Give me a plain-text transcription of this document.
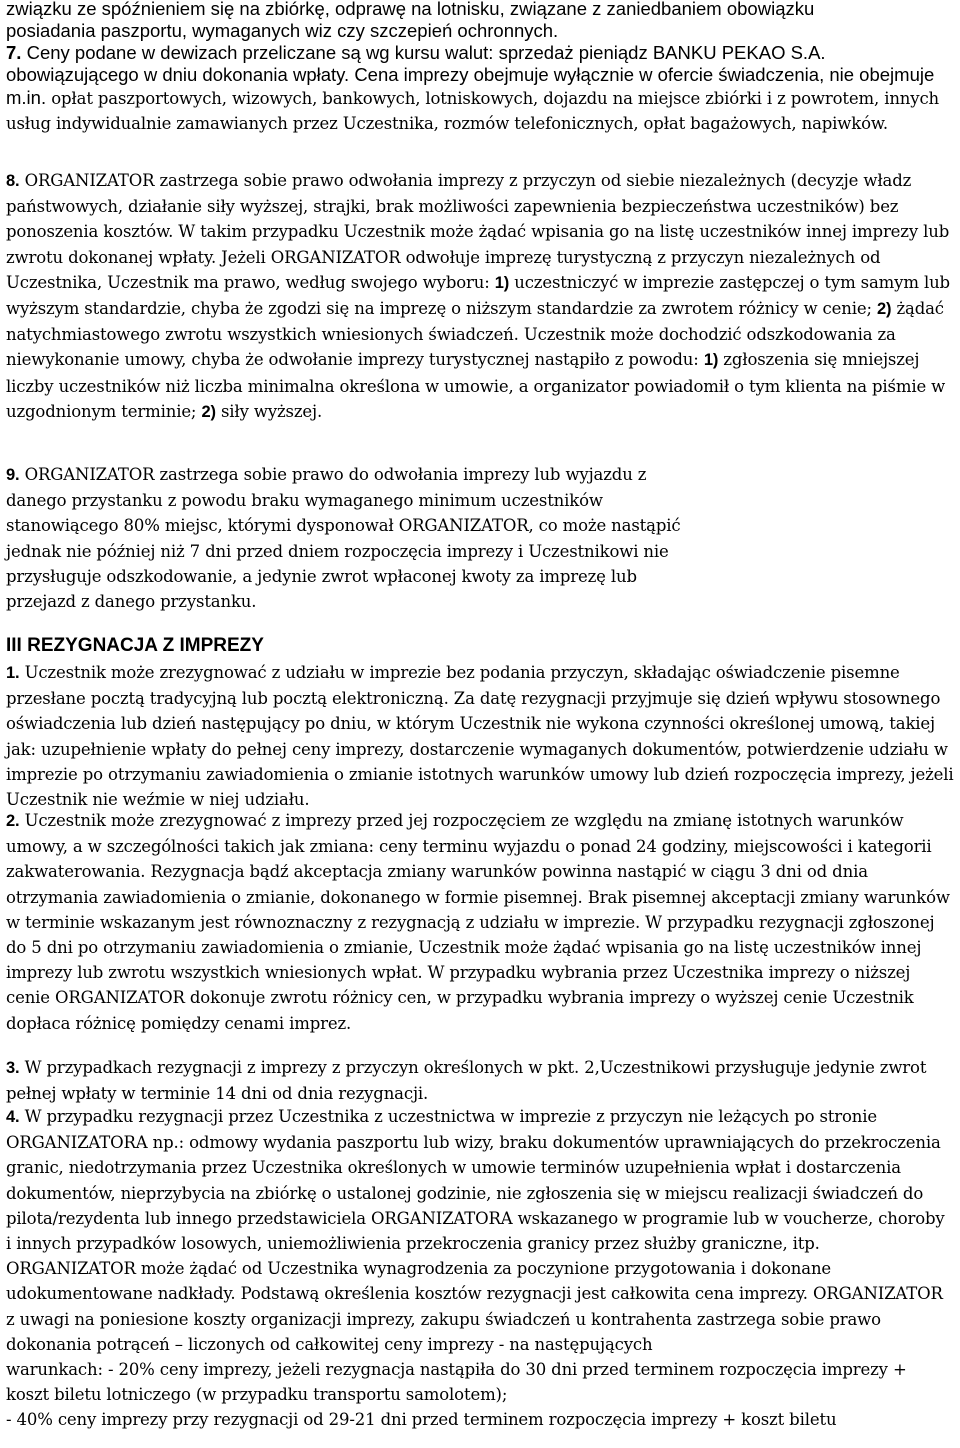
związku ze spóźnieniem się na zbiórkę, odprawę na lotnisku, związane z zaniedbaniem obowiązku
posiadania paszportu, wymaganych wiz czy szczepień ochronnych.

7. Ceny podane w dewizach przeliczane są wg kursu walut: sprzedaż pieniądz BANKU PEKAO S.A. obowiązującego w dniu dokonania wpłaty. Cena imprezy obejmuje wyłącznie w ofercie świadczenia, nie obejmuje m.in. opłat paszportowych, wizowych, bankowych, lotniskowych, dojazdu na miejsce zbiórki i z powrotem, innych usług indywidualnie zamawianych przez Uczestnika, rozmów telefonicznych, opłat bagażowych, napiwków.

8. ORGANIZATOR zastrzega sobie prawo odwołania imprezy z przyczyn od siebie niezależnych (decyzje władz państwowych, działanie siły wyższej, strajki, brak możliwości zapewnienia bezpieczeństwa uczestników) bez ponoszenia kosztów. W takim przypadku Uczestnik może żądać wpisania go na listę uczestników innej imprezy lub zwrotu dokonanej wpłaty. Jeżeli ORGANIZATOR odwołuje imprezę turystyczną z przyczyn niezależnych od Uczestnika, Uczestnik ma prawo, według swojego wyboru: 1) uczestniczyć w imprezie zastępczej o tym samym lub wyższym standardzie, chyba że zgodzi się na imprezę o niższym standardzie za zwrotem różnicy w cenie; 2) żądać natychmiastowego zwrotu wszystkich wniesionych świadczeń. Uczestnik może dochodzić odszkodowania za niewykonanie umowy, chyba że odwołanie imprezy turystycznej nastąpiło z powodu: 1) zgłoszenia się mniejszej liczby uczestników niż liczba minimalna określona w umowie, a organizator powiadomił o tym klienta na piśmie w uzgodnionym terminie; 2) siły wyższej.

9. ORGANIZATOR zastrzega sobie prawo do odwołania imprezy lub wyjazdu z danego przystanku z powodu braku wymaganego minimum uczestników stanowiącego 80% miejsc, którymi dysponował ORGANIZATOR, co może nastąpić jednak nie później niż 7 dni przed dniem rozpoczęcia imprezy i Uczestnikowi nie przysługuje odszkodowanie, a jedynie zwrot wpłaconej kwoty za imprezę lub przejazd z danego przystanku.

III REZYGNACJA Z IMPREZY

1. Uczestnik może zrezygnować z udziału w imprezie bez podania przyczyn, składając oświadczenie pisemne przesłane pocztą tradycyjną lub pocztą elektroniczną. Za datę rezygnacji przyjmuje się dzień wpływu stosownego oświadczenia lub dzień następujący po dniu, w którym Uczestnik nie wykona czynności określonej umową, takiej jak: uzupełnienie wpłaty do pełnej ceny imprezy, dostarczenie wymaganych dokumentów, potwierdzenie udziału w imprezie po otrzymaniu zawiadomienia o zmianie istotnych warunków umowy lub dzień rozpoczęcia imprezy, jeżeli Uczestnik nie weźmie w niej udziału.

2. Uczestnik może zrezygnować z imprezy przed jej rozpoczęciem ze względu na zmianę istotnych warunków umowy, a w szczególności takich jak zmiana: ceny terminu wyjazdu o ponad 24 godziny, miejscowości i kategorii zakwaterowania. Rezygnacja bądź akceptacja zmiany warunków powinna nastąpić w ciągu 3 dni od dnia otrzymania zawiadomienia o zmianie, dokonanego w formie pisemnej. Brak pisemnej akceptacji zmiany warunków w terminie wskazanym jest równoznaczny z rezygnacją z udziału w imprezie. W przypadku rezygnacji zgłoszonej
do 5 dni po otrzymaniu zawiadomienia o zmianie, Uczestnik może żądać wpisania go na listę uczestników innej imprezy lub zwrotu wszystkich wniesionych wpłat. W przypadku wybrania przez Uczestnika imprezy o niższej cenie ORGANIZATOR dokonuje zwrotu różnicy cen, w przypadku wybrania imprezy o wyższej cenie Uczestnik dopłaca różnicę pomiędzy cenami imprez.

3. W przypadkach rezygnacji z imprezy z przyczyn określonych w pkt. 2,Uczestnikowi przysługuje jedynie zwrot pełnej wpłaty w terminie 14 dni od dnia rezygnacji.

4. W przypadku rezygnacji przez Uczestnika z uczestnictwa w imprezie z przyczyn nie leżących po stronie ORGANIZATORA np.: odmowy wydania paszportu lub wizy, braku dokumentów uprawniających do przekroczenia granic, niedotrzymania przez Uczestnika określonych w umowie terminów uzupełnienia wpłat i dostarczenia dokumentów, nieprzybycia na zbiórkę o ustalonej godzinie, nie zgłoszenia się w miejscu realizacji świadczeń do pilota/rezydenta lub innego przedstawiciela ORGANIZATORA wskazanego w programie lub w voucherze, choroby i innych przypadków losowych, uniemożliwienia przekroczenia granicy przez służby graniczne, itp. ORGANIZATOR może żądać od Uczestnika wynagrodzenia za poczynione przygotowania i dokonane udokumentowane nadkłady. Podstawą określenia kosztów rezygnacji jest całkowita cena imprezy. ORGANIZATOR z uwagi na poniesione koszty organizacji imprezy, zakupu świadczeń u kontrahenta zastrzega sobie prawo dokonania potrąceń – liczonych od całkowitej ceny imprezy - na następujących
warunkach: - 20% ceny imprezy, jeżeli rezygnacja nastąpiła do 30 dni przed terminem rozpoczęcia imprezy + koszt biletu lotniczego (w przypadku transportu samolotem);
- 40% ceny imprezy przy rezygnacji od 29-21 dni przed terminem rozpoczęcia imprezy + koszt biletu
